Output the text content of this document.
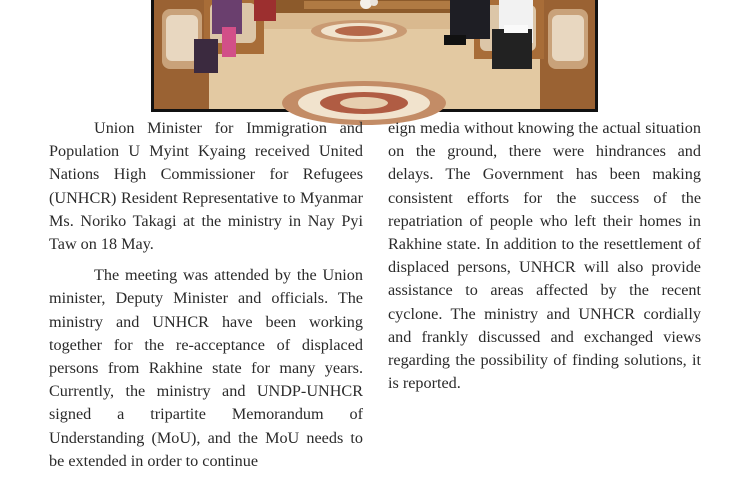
Union Minister for Immigration and Population U Myint Kyaing received United Nations High Commissioner for Refugees (UNHCR) Resident Representative to Myanmar Ms. Noriko Takagi at the ministry in Nay Pyi Taw on 18 May.

The meeting was attended by the Union minister, Deputy Minister and officials. The ministry and UNHCR have been working together for the re-acceptance of displaced persons from Rakhine state for many years. Currently, the ministry and UNDP-UNHCR signed a tripartite Memorandum of Understanding (MoU), and the MoU needs to be extended in order to continue

eign media without knowing the actual situation on the ground, there were hindrances and delays. The Government has been making consistent efforts for the success of the repatriation of people who left their homes in Rakhine state. In addition to the resettlement of displaced persons, UNHCR will also provide assistance to areas affected by the recent cyclone. The ministry and UNHCR cordially and frankly discussed and exchanged views regarding the possibility of finding solutions, it is reported.
